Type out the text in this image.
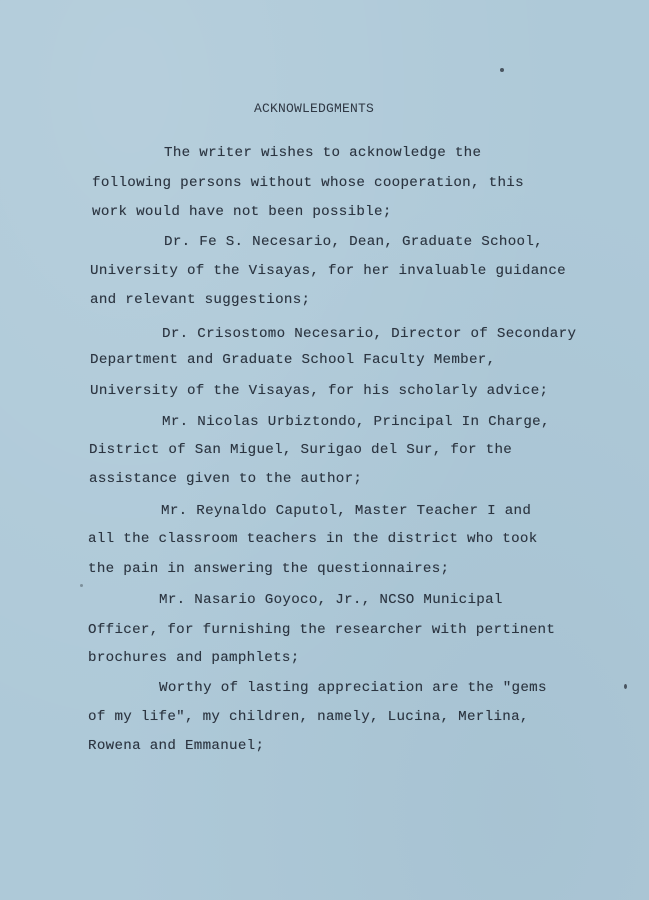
ACKNOWLEDGMENTS
The writer wishes to acknowledge the
following persons without whose cooperation, this
work would have not been possible;
Dr. Fe S. Necesario, Dean, Graduate School,
University of the Visayas, for her invaluable guidance
and relevant suggestions;
Dr. Crisostomo Necesario, Director of Secondary
Department and Graduate School Faculty Member,
University of the Visayas, for his scholarly advice;
Mr. Nicolas Urbiztondo, Principal In Charge,
District of San Miguel, Surigao del Sur, for the
assistance given to the author;
Mr. Reynaldo Caputol, Master Teacher I and
all the classroom teachers in the district who took
the pain in answering the questionnaires;
Mr. Nasario Goyoco, Jr., NCSO Municipal
Officer, for furnishing the researcher with pertinent
brochures and pamphlets;
Worthy of lasting appreciation are the "gems
of my life", my children, namely, Lucina, Merlina,
Rowena and Emmanuel;
